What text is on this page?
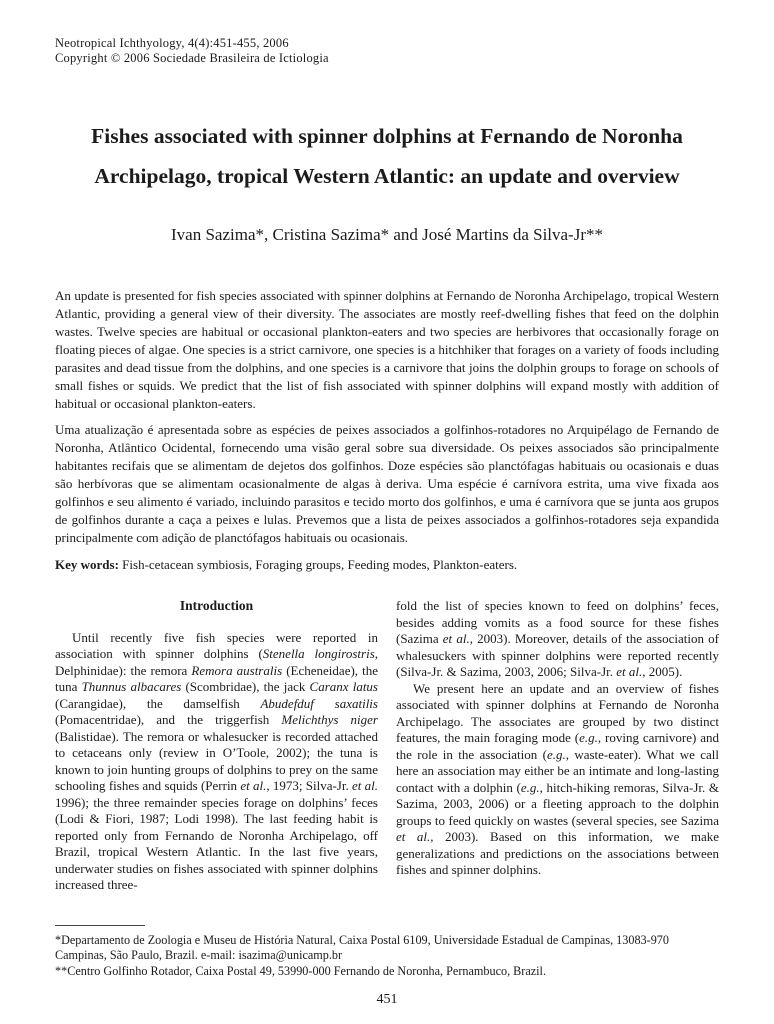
Neotropical Ichthyology, 4(4):451-455, 2006
Copyright © 2006 Sociedade Brasileira de Ictiologia
Fishes associated with spinner dolphins at Fernando de Noronha
Archipelago, tropical Western Atlantic: an update and overview
Ivan Sazima*, Cristina Sazima* and José Martins da Silva-Jr**

An update is presented for fish species associated with spinner dolphins at Fernando de Noronha Archipelago, tropical Western Atlantic, providing a general view of their diversity. The associates are mostly reef-dwelling fishes that feed on the dolphin wastes. Twelve species are habitual or occasional plankton-eaters and two species are herbivores that occasionally forage on floating pieces of algae. One species is a strict carnivore, one species is a hitchhiker that forages on a variety of foods including parasites and dead tissue from the dolphins, and one species is a carnivore that joins the dolphin groups to forage on schools of small fishes or squids. We predict that the list of fish associated with spinner dolphins will expand mostly with addition of habitual or occasional plankton-eaters.

Uma atualização é apresentada sobre as espécies de peixes associados a golfinhos-rotadores no Arquipélago de Fernando de Noronha, Atlântico Ocidental, fornecendo uma visão geral sobre sua diversidade. Os peixes associados são principalmente habitantes recifais que se alimentam de dejetos dos golfinhos. Doze espécies são planctófagas habituais ou ocasionais e duas são herbívoras que se alimentam ocasionalmente de algas à deriva. Uma espécie é carnívora estrita, uma vive fixada aos golfinhos e seu alimento é variado, incluindo parasitos e tecido morto dos golfinhos, e uma é carnívora que se junta aos grupos de golfinhos durante a caça a peixes e lulas. Prevemos que a lista de peixes associados a golfinhos-rotadores seja expandida principalmente com adição de planctófagos habituais ou ocasionais.

Key words: Fish-cetacean symbiosis, Foraging groups, Feeding modes, Plankton-eaters.

Introduction

Until recently five fish species were reported in association with spinner dolphins (Stenella longirostris, Delphinidae): the remora Remora australis (Echeneidae), the tuna Thunnus albacares (Scombridae), the jack Caranx latus (Carangidae), the damselfish Abudefduf saxatilis (Pomacentridae), and the triggerfish Melichthys niger (Balistidae). The remora or whalesucker is recorded attached to cetaceans only (review in O’Toole, 2002); the tuna is known to join hunting groups of dolphins to prey on the same schooling fishes and squids (Perrin et al., 1973; Silva-Jr. et al. 1996); the three remainder species forage on dolphins’ feces (Lodi & Fiori, 1987; Lodi 1998). The last feeding habit is reported only from Fernando de Noronha Archipelago, off Brazil, tropical Western Atlantic. In the last five years, underwater studies on fishes associated with spinner dolphins increased three-

fold the list of species known to feed on dolphins’ feces, besides adding vomits as a food source for these fishes (Sazima et al., 2003). Moreover, details of the association of whalesuckers with spinner dolphins were reported recently (Silva-Jr. & Sazima, 2003, 2006; Silva-Jr. et al., 2005).

We present here an update and an overview of fishes associated with spinner dolphins at Fernando de Noronha Archipelago. The associates are grouped by two distinct features, the main foraging mode (e.g., roving carnivore) and the role in the association (e.g., waste-eater). What we call here an association may either be an intimate and long-lasting contact with a dolphin (e.g., hitch-hiking remoras, Silva-Jr. & Sazima, 2003, 2006) or a fleeting approach to the dolphin groups to feed quickly on wastes (several species, see Sazima et al., 2003). Based on this information, we make generalizations and predictions on the associations between fishes and spinner dolphins.

*Departamento de Zoologia e Museu de História Natural, Caixa Postal 6109, Universidade Estadual de Campinas, 13083-970 Campinas, São Paulo, Brazil. e-mail: isazima@unicamp.br

**Centro Golfinho Rotador, Caixa Postal 49, 53990-000 Fernando de Noronha, Pernambuco, Brazil.

451
